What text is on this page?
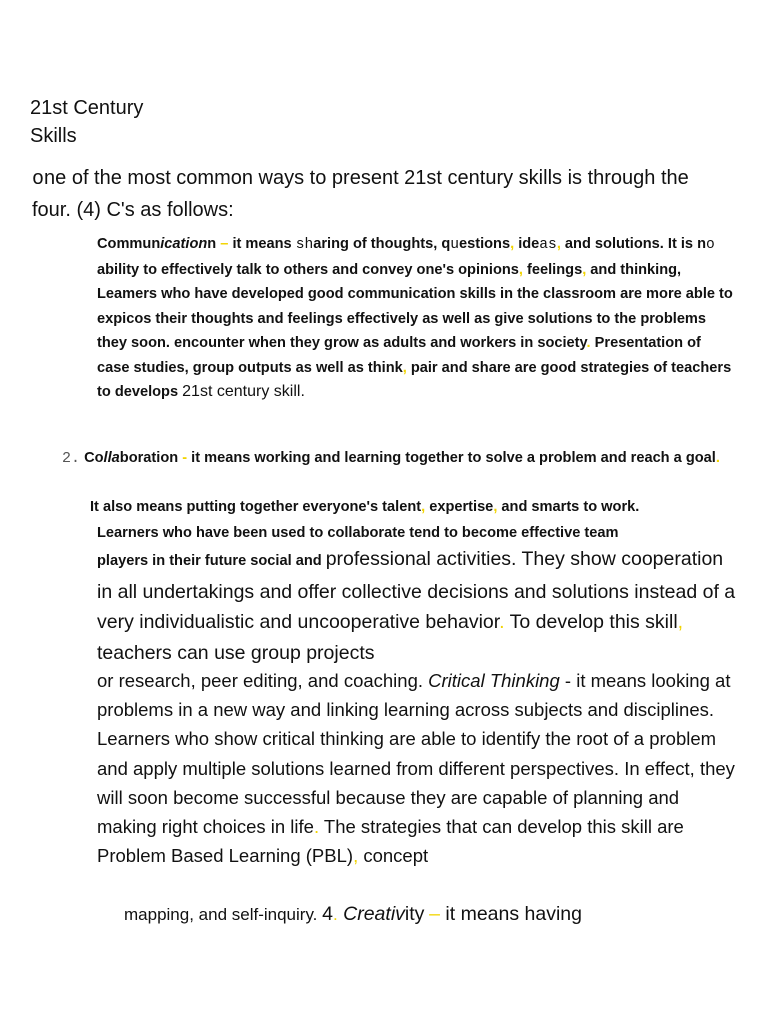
21st Century
Skills
one of the most common ways to present 21st century skills is through the four. (4) C's as follows:
Communicationn – it means sharing of thoughts, questions, ideas, and solutions. It is no ability to effectively talk to others and convey one's opinions, feelings, and thinking, Leamers who have developed good communication skills in the classroom are more able to expicos their thoughts and feelings effectively as well as give solutions to the problems they soon. encounter when they grow as adults and workers in society. Presentation of case studies, group outputs as well as think, pair and share are good strategies of teachers to develops 21st century skill.
2. Collaboration - it means working and learning together to solve a problem and reach a goal.
It also means putting together everyone's talent, expertise, and smarts to work.
Learners who have been used to collaborate tend to become effective team
players in their future social and professional activities. They show cooperation in all undertakings and offer collective decisions and solutions instead of a very individualistic and uncooperative behavior. To develop this skill, teachers can use group projects
or research, peer editing, and coaching. Critical Thinking - it means looking at problems in a new way and linking learning across subjects and disciplines. Learners who show critical thinking are able to identify the root of a problem and apply multiple solutions learned from different perspectives. In effect, they will soon become successful because they are capable of planning and making right choices in life. The strategies that can develop this skill are Problem Based Learning (PBL), concept
mapping, and self-inquiry. 4. Creativity – it means having
